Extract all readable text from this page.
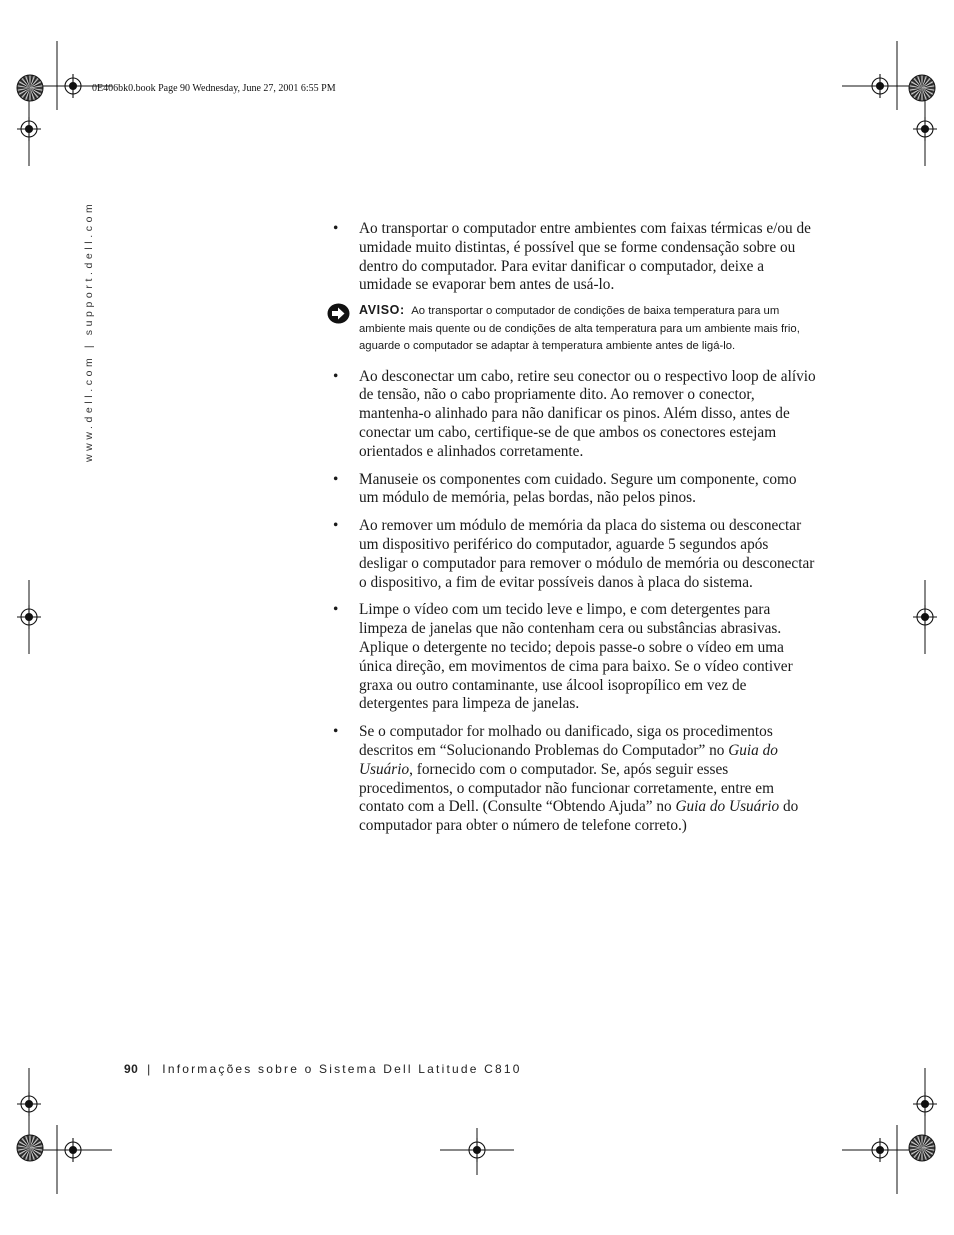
0E406bk0.book Page 90 Wednesday, June 27, 2001 6:55 PM
www.dell.com | support.dell.com	• Ao transportar o computador entre ambientes com faixas térmicas e/ou de umidade muito distintas, é possível que se forme condensação sobre ou dentro do computador. Para evitar danificar o computador, deixe a umidade se evaporar bem antes de usá-lo.
AVISO: Ao transportar o computador de condições de baixa temperatura para um ambiente mais quente ou de condições de alta temperatura para um ambiente mais frio, aguarde o computador se adaptar à temperatura ambiente antes de ligá-lo.
• Ao desconectar um cabo, retire seu conector ou o respectivo loop de alívio de tensão, não o cabo propriamente dito. Ao remover o conector, mantenha-o alinhado para não danificar os pinos. Além disso, antes de conectar um cabo, certifique-se de que ambos os conectores estejam orientados e alinhados corretamente.
• Manuseie os componentes com cuidado. Segure um componente, como um módulo de memória, pelas bordas, não pelos pinos.
• Ao remover um módulo de memória da placa do sistema ou desconectar um dispositivo periférico do computador, aguarde 5 segundos após desligar o computador para remover o módulo de memória ou desconectar o dispositivo, a fim de evitar possíveis danos à placa do sistema.
• Limpe o vídeo com um tecido leve e limpo, e com detergentes para limpeza de janelas que não contenham cera ou substâncias abrasivas. Aplique o detergente no tecido; depois passe-o sobre o vídeo em uma única direção, em movimentos de cima para baixo. Se o vídeo contiver graxa ou outro contaminante, use álcool isopropílico em vez de detergentes para limpeza de janelas.
• Se o computador for molhado ou danificado, siga os procedimentos descritos em “Solucionando Problemas do Computador” no Guia do Usuário, fornecido com o computador. Se, após seguir esses procedimentos, o computador não funcionar corretamente, entre em contato com a Dell. (Consulte “Obtendo Ajuda” no Guia do Usuário do computador para obter o número de telefone correto.)
90 | Informações sobre o Sistema Dell Latitude C810
